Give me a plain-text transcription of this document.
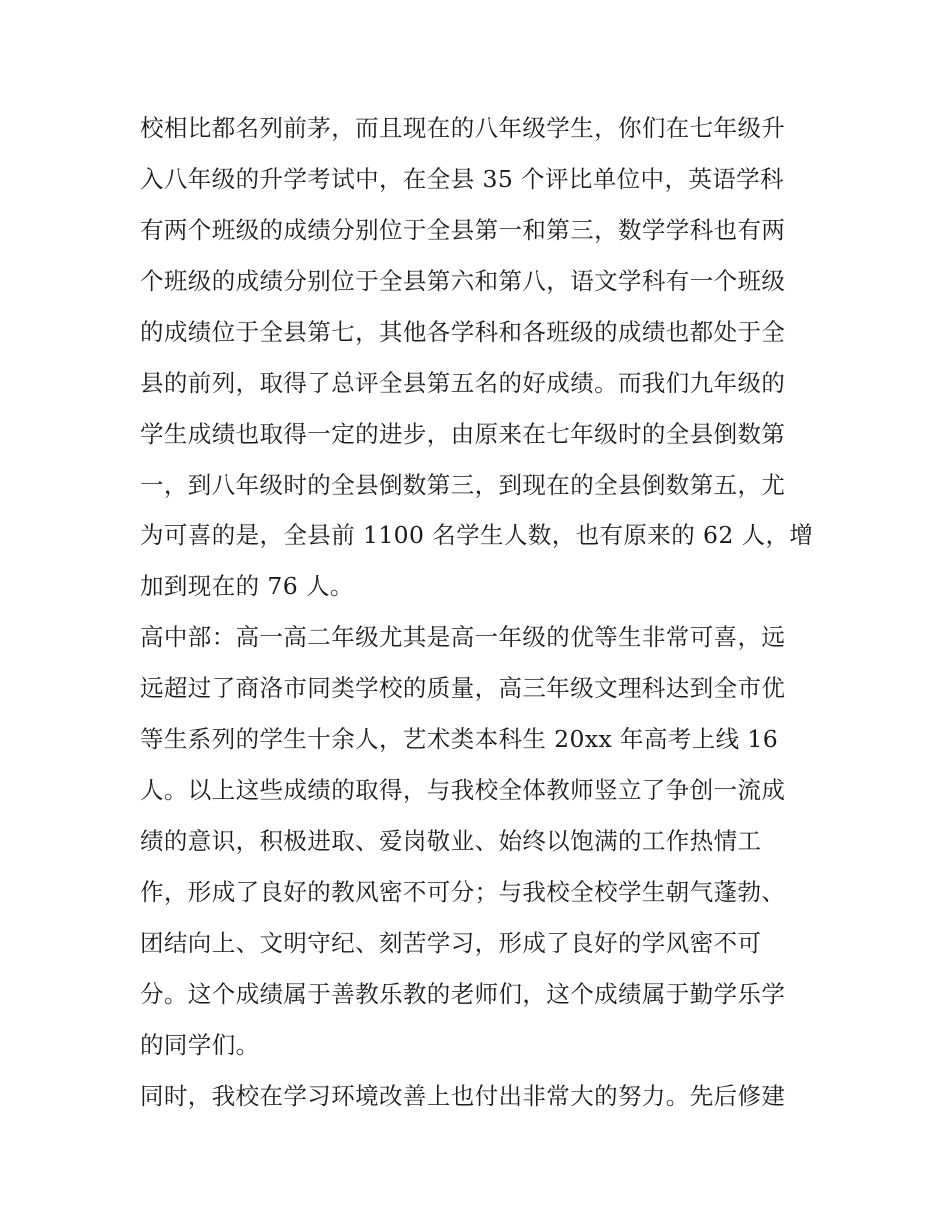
校相比都名列前茅，而且现在的八年级学生，你们在七年级升
入八年级的升学考试中，在全县 35 个评比单位中，英语学科
有两个班级的成绩分别位于全县第一和第三，数学学科也有两
个班级的成绩分别位于全县第六和第八，语文学科有一个班级
的成绩位于全县第七，其他各学科和各班级的成绩也都处于全
县的前列，取得了总评全县第五名的好成绩。而我们九年级的
学生成绩也取得一定的进步，由原来在七年级时的全县倒数第
一，到八年级时的全县倒数第三，到现在的全县倒数第五，尤
为可喜的是，全县前 1100 名学生人数，也有原来的 62 人，增
加到现在的 76 人。
高中部：高一高二年级尤其是高一年级的优等生非常可喜，远
远超过了商洛市同类学校的质量，高三年级文理科达到全市优
等生系列的学生十余人，艺术类本科生 20xx 年高考上线 16
人。以上这些成绩的取得，与我校全体教师竖立了争创一流成
绩的意识，积极进取、爱岗敬业、始终以饱满的工作热情工
作，形成了良好的教风密不可分；与我校全校学生朝气蓬勃、
团结向上、文明守纪、刻苦学习，形成了良好的学风密不可
分。这个成绩属于善教乐教的老师们，这个成绩属于勤学乐学
的同学们。
同时，我校在学习环境改善上也付出非常大的努力。先后修建
